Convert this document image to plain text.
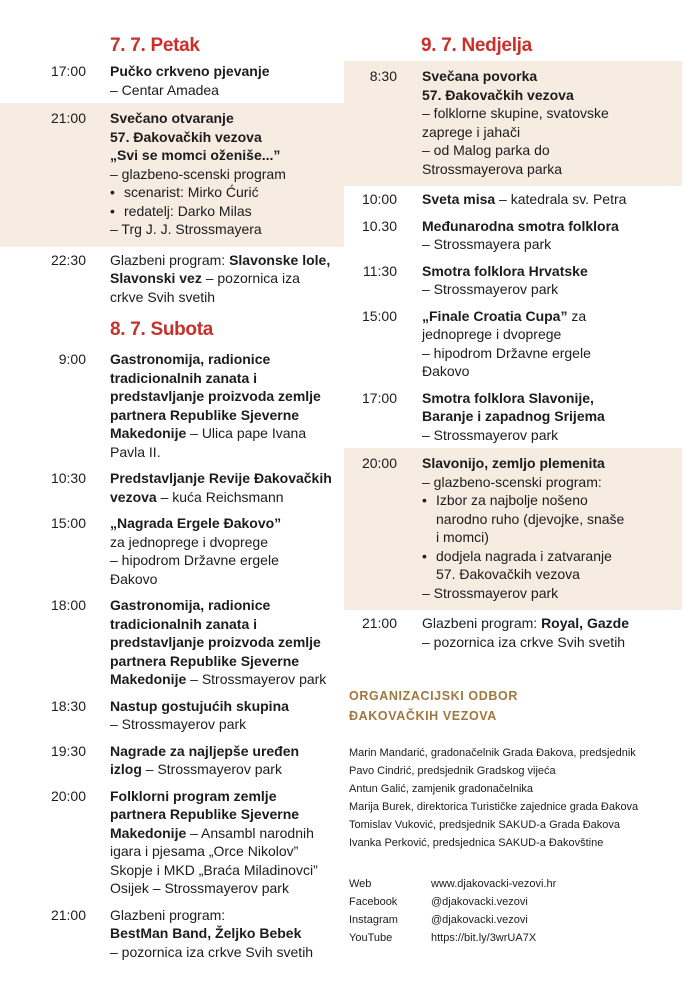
7. 7. Petak
17:00 Pučko crkveno pjevanje
– Centar Amadea
21:00 Svečano otvaranje
57. Đakovačkih vezova
„Svi se momci oženiše...”
– glazbeno-scenski program
• scenarist: Mirko Ćurić
• redatelj: Darko Milas
– Trg J. J. Strossmayera
22:30 Glazbeni program: Slavonske lole,
Slavonski vez – pozornica iza
crkve Svih svetih
8. 7. Subota
9:00 Gastronomija, radionice
tradicionalnih zanata i
predstavljanje proizvoda zemlje
partnera Republike Sjeverne
Makedonije – Ulica pape Ivana
Pavla II.
10:30 Predstavljanje Revije Đakovačkih
vezova – kuća Reichsmann
15:00 „Nagrada Ergele Đakovo”
za jednoprege i dvoprege
– hipodrom Državne ergele
Đakovo
18:00 Gastronomija, radionice
tradicionalnih zanata i
predstavljanje proizvoda zemlje
partnera Republike Sjeverne
Makedonije – Strossmayerov park
18:30 Nastup gostujućih skupina
– Strossmayerov park
19:30 Nagrade za najljepše uređen
izlog – Strossmayerov park
20:00 Folklorni program zemlje
partnera Republike Sjeverne
Makedonije – Ansambl narodnih
igara i pjesama „Orce Nikolov”
Skopje i MKD „Braća Miladinovci”
Osijek – Strossmayerov park
21:00 Glazbeni program:
BestMan Band, Željko Bebek
– pozornica iza crkve Svih svetih
9. 7. Nedjelja
8:30 Svečana povorka
57. Đakovačkih vezova
– folklorne skupine, svatovske
zaprege i jahači
– od Malog parka do
Strossmayerova parka
10:00 Sveta misa – katedrala sv. Petra
10.30 Međunarodna smotra folklora
– Strossmayera park
11:30 Smotra folklora Hrvatske
– Strossmayerov park
15:00 „Finale Croatia Cupa” za
jednoprege i dvoprege
– hipodrom Državne ergele
Đakovo
17:00 Smotra folklora Slavonije,
Baranje i zapadnog Srijema
– Strossmayerov park
20:00 Slavonijo, zemljo plemenita
– glazbeno-scenski program:
• Izbor za najbolje nošeno
narodno ruho (djevojke, snaše
i momci)
• dodjela nagrada i zatvaranje
57. Đakovačkih vezova
– Strossmayerov park
21:00 Glazbeni program: Royal, Gazde
– pozornica iza crkve Svih svetih

ORGANIZACIJSKI ODBOR

ĐAKOVAČKIH VEZOVA

Marin Mandarić, gradonačelnik Grada Đakova, predsjednik
Pavo Cindrić, predsjednik Gradskog vijeća
Antun Galić, zamjenik gradonačelnika
Marija Burek, direktorica Turističke zajednice grada Đakova
Tomislav Vuković, predsjednik SAKUD-a Grada Đakova
Ivanka Perković, predsjednica SAKUD-a Đakovštine
Web	www.djakovacki-vezovi.hr
Facebook	@djakovacki.vezovi
Instagram	@djakovacki.vezovi
YouTube	https://bit.ly/3wrUA7X
